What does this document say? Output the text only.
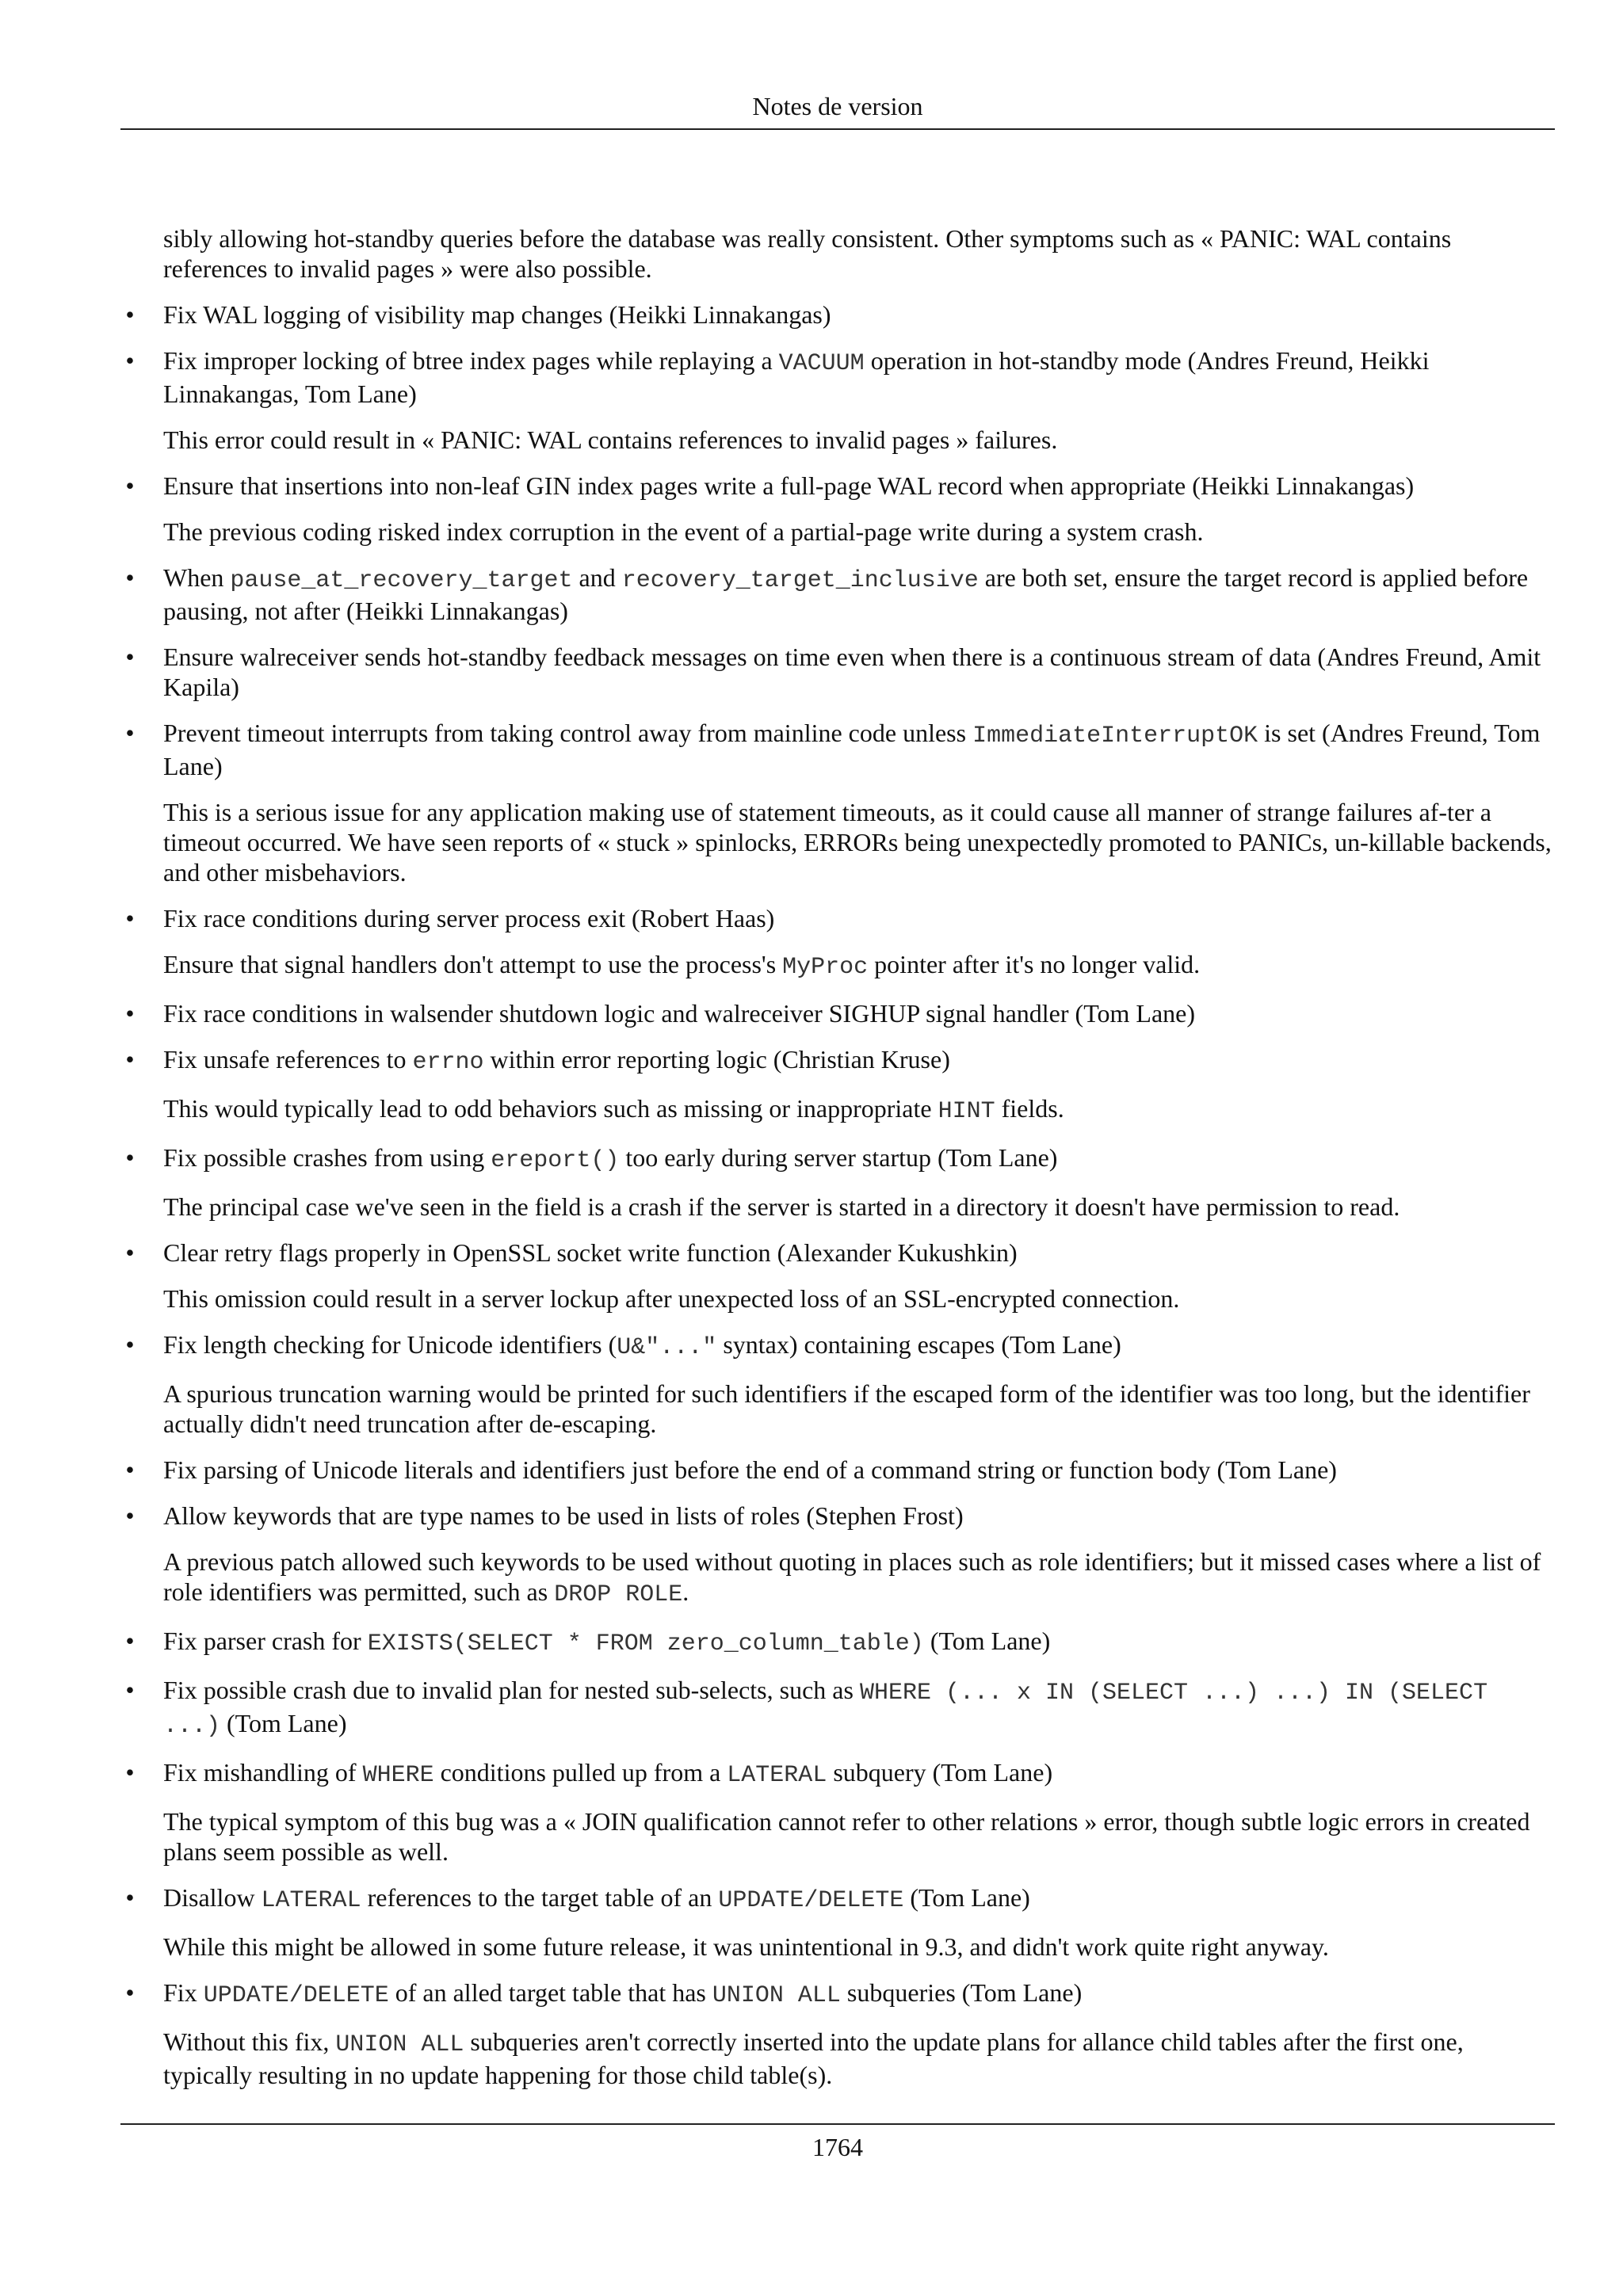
Notes de version

sibly allowing hot-standby queries before the database was really consistent. Other symptoms such as « PANIC: WAL contains references to invalid pages » were also possible.

• Fix WAL logging of visibility map changes (Heikki Linnakangas)
• Fix improper locking of btree index pages while replaying a VACUUM operation in hot-standby mode (Andres Freund, Heikki Linnakangas, Tom Lane)

This error could result in « PANIC: WAL contains references to invalid pages » failures.

• Ensure that insertions into non-leaf GIN index pages write a full-page WAL record when appropriate (Heikki Linnakangas)

The previous coding risked index corruption in the event of a partial-page write during a system crash.

• When pause_at_recovery_target and recovery_target_inclusive are both set, ensure the target record is applied before pausing, not after (Heikki Linnakangas)
• Ensure walreceiver sends hot-standby feedback messages on time even when there is a continuous stream of data (Andres Freund, Amit Kapila)
• Prevent timeout interrupts from taking control away from mainline code unless ImmediateInterruptOK is set (Andres Freund, Tom Lane)

This is a serious issue for any application making use of statement timeouts, as it could cause all manner of strange failures af-ter a timeout occurred. We have seen reports of « stuck » spinlocks, ERRORs being unexpectedly promoted to PANICs, un-killable backends, and other misbehaviors.

• Fix race conditions during server process exit (Robert Haas)

Ensure that signal handlers don't attempt to use the process's MyProc pointer after it's no longer valid.

• Fix race conditions in walsender shutdown logic and walreceiver SIGHUP signal handler (Tom Lane)
• Fix unsafe references to errno within error reporting logic (Christian Kruse)

This would typically lead to odd behaviors such as missing or inappropriate HINT fields.

• Fix possible crashes from using ereport() too early during server startup (Tom Lane)

The principal case we've seen in the field is a crash if the server is started in a directory it doesn't have permission to read.

• Clear retry flags properly in OpenSSL socket write function (Alexander Kukushkin)

This omission could result in a server lockup after unexpected loss of an SSL-encrypted connection.

• Fix length checking for Unicode identifiers (U&"..." syntax) containing escapes (Tom Lane)

A spurious truncation warning would be printed for such identifiers if the escaped form of the identifier was too long, but the identifier actually didn't need truncation after de-escaping.

• Fix parsing of Unicode literals and identifiers just before the end of a command string or function body (Tom Lane)
• Allow keywords that are type names to be used in lists of roles (Stephen Frost)

A previous patch allowed such keywords to be used without quoting in places such as role identifiers; but it missed cases where a list of role identifiers was permitted, such as DROP ROLE.

• Fix parser crash for EXISTS(SELECT * FROM zero_column_table) (Tom Lane)
• Fix possible crash due to invalid plan for nested sub-selects, such as WHERE (... x IN (SELECT ...) ...) IN (SELECT ...) (Tom Lane)
• Fix mishandling of WHERE conditions pulled up from a LATERAL subquery (Tom Lane)

The typical symptom of this bug was a « JOIN qualification cannot refer to other relations » error, though subtle logic errors in created plans seem possible as well.

• Disallow LATERAL references to the target table of an UPDATE/DELETE (Tom Lane)

While this might be allowed in some future release, it was unintentional in 9.3, and didn't work quite right anyway.

• Fix UPDATE/DELETE of an alled target table that has UNION ALL subqueries (Tom Lane)

Without this fix, UNION ALL subqueries aren't correctly inserted into the update plans for allance child tables after the first one, typically resulting in no update happening for those child table(s).

1764
